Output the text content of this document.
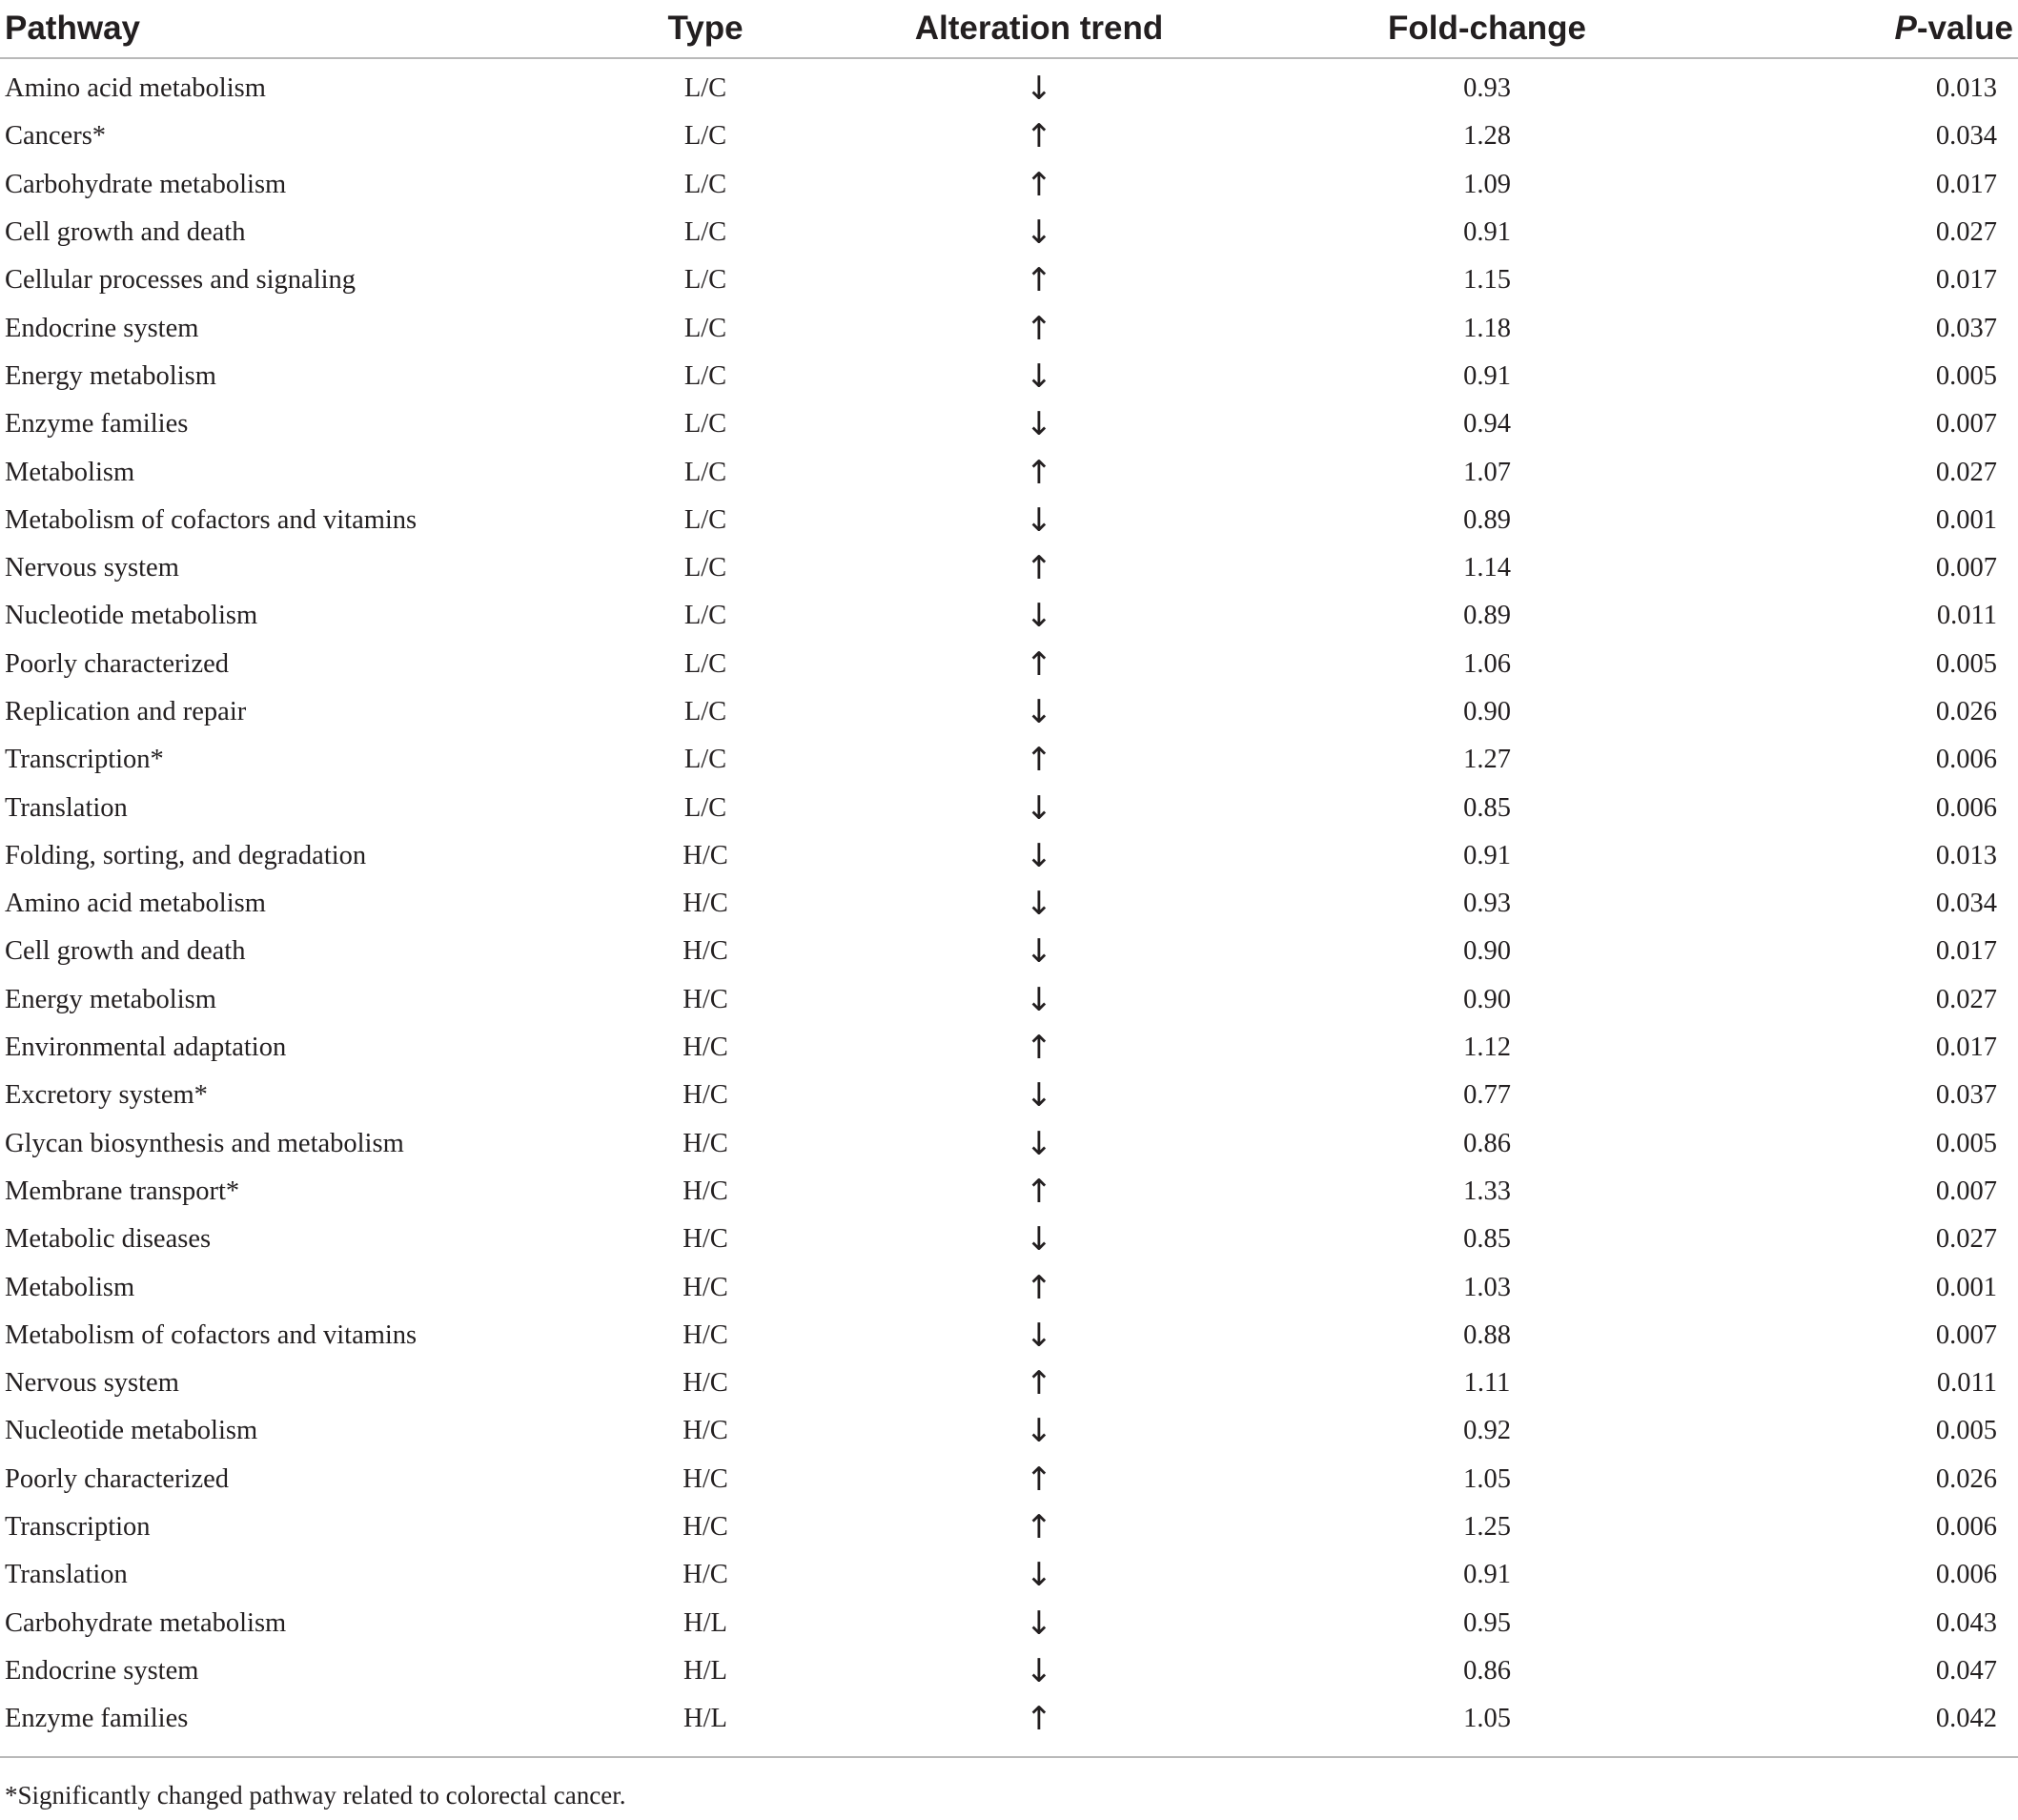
Pathway	Type	Alteration trend	Fold-change	P-value

Amino acid metabolism	L/C	↓	0.93	0.013
Cancers*	L/C	↑	1.28	0.034
Carbohydrate metabolism	L/C	↑	1.09	0.017
Cell growth and death	L/C	↓	0.91	0.027
Cellular processes and signaling	L/C	↑	1.15	0.017
Endocrine system	L/C	↑	1.18	0.037
Energy metabolism	L/C	↓	0.91	0.005
Enzyme families	L/C	↓	0.94	0.007
Metabolism	L/C	↑	1.07	0.027
Metabolism of cofactors and vitamins	L/C	↓	0.89	0.001
Nervous system	L/C	↑	1.14	0.007
Nucleotide metabolism	L/C	↓	0.89	0.011
Poorly characterized	L/C	↑	1.06	0.005
Replication and repair	L/C	↓	0.90	0.026
Transcription*	L/C	↑	1.27	0.006
Translation	L/C	↓	0.85	0.006
Folding, sorting, and degradation	H/C	↓	0.91	0.013
Amino acid metabolism	H/C	↓	0.93	0.034
Cell growth and death	H/C	↓	0.90	0.017
Energy metabolism	H/C	↓	0.90	0.027
Environmental adaptation	H/C	↑	1.12	0.017
Excretory system*	H/C	↓	0.77	0.037
Glycan biosynthesis and metabolism	H/C	↓	0.86	0.005
Membrane transport*	H/C	↑	1.33	0.007
Metabolic diseases	H/C	↓	0.85	0.027
Metabolism	H/C	↑	1.03	0.001
Metabolism of cofactors and vitamins	H/C	↓	0.88	0.007
Nervous system	H/C	↑	1.11	0.011
Nucleotide metabolism	H/C	↓	0.92	0.005
Poorly characterized	H/C	↑	1.05	0.026
Transcription	H/C	↑	1.25	0.006
Translation	H/C	↓	0.91	0.006
Carbohydrate metabolism	H/L	↓	0.95	0.043
Endocrine system	H/L	↓	0.86	0.047
Enzyme families	H/L	↑	1.05	0.042

*Significantly changed pathway related to colorectal cancer.
